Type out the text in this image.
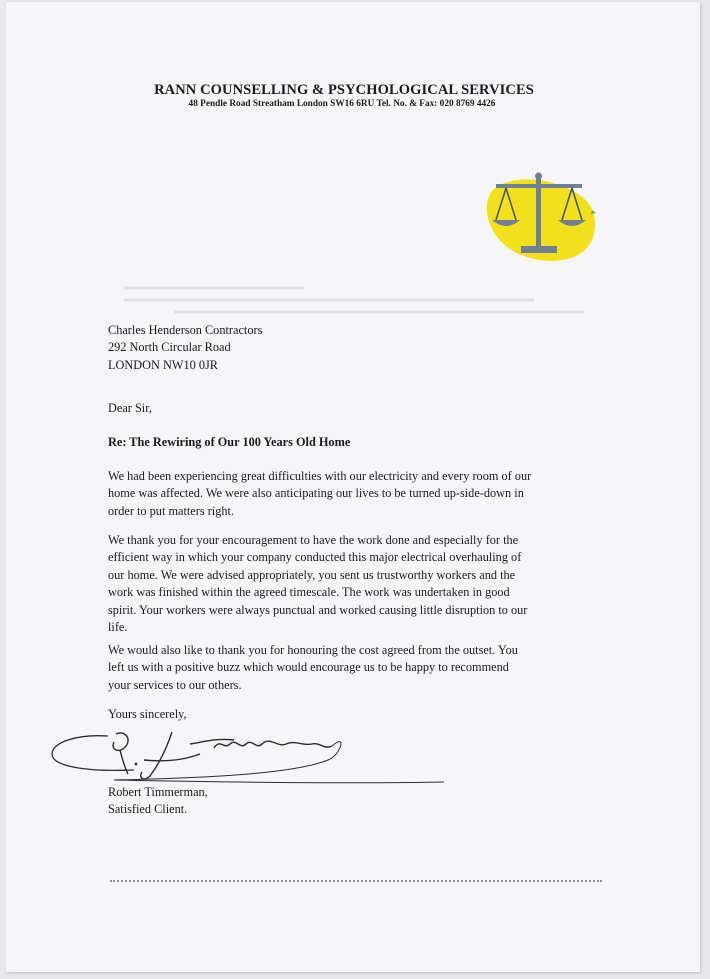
RANN COUNSELLING & PSYCHOLOGICAL SERVICES
48 Pendle Road Streatham London SW16 6RU Tel. No. & Fax: 020 8769 4426
Charles Henderson Contractors
292 North Circular Road
LONDON NW10 0JR
Dear Sir,
Re: The Rewiring of Our 100 Years Old Home
We had been experiencing great difficulties with our electricity and every room of our
home was affected. We were also anticipating our lives to be turned up-side-down in
order to put matters right.
We thank you for your encouragement to have the work done and especially for the
efficient way in which your company conducted this major electrical overhauling of
our home. We were advised appropriately, you sent us trustworthy workers and the
work was finished within the agreed timescale. The work was undertaken in good
spirit. Your workers were always punctual and worked causing little disruption to our
life.
We would also like to thank you for honouring the cost agreed from the outset. You
left us with a positive buzz which would encourage us to be happy to recommend
your services to our others.
Yours sincerely,
Robert Timmerman,
Satisfied Client.
